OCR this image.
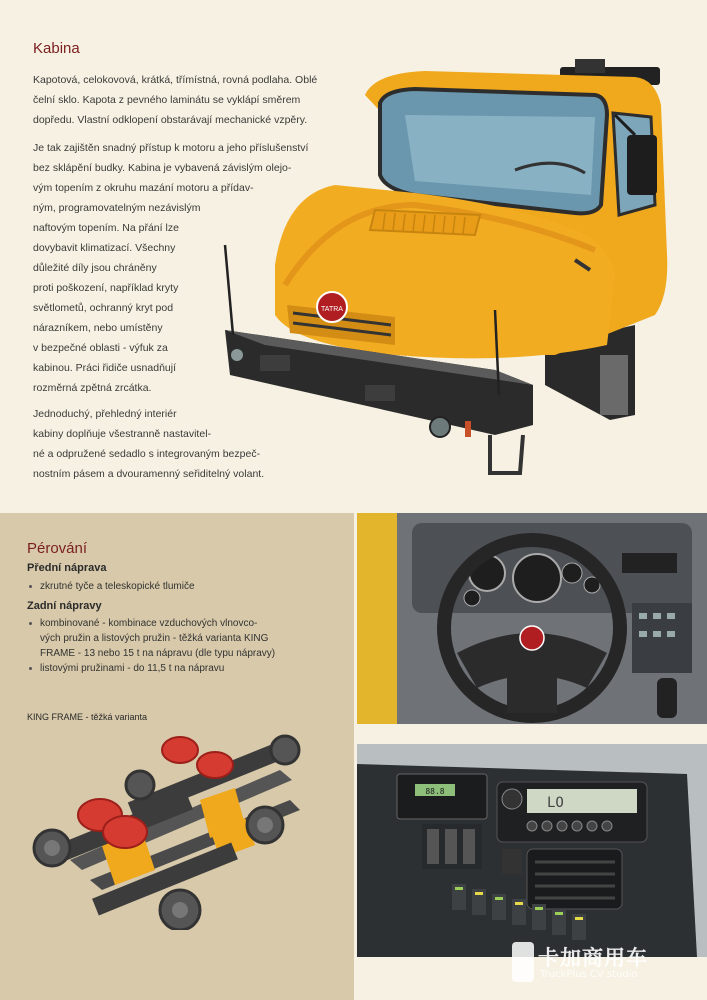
Kabina
Kapotová, celokovová, krátká, třímístná, rovná podlaha. Oblé
čelní sklo. Kapota z pevného laminátu se vyklápí směrem
dopředu. Vlastní odklopení obstarávají mechanické vzpěry.
Je tak zajištěn snadný přístup k motoru a jeho příslušenství
bez sklápění budky. Kabina je vybavená závislým olejo-
vým topením z okruhu mazání motoru a přídav-
ným, programovatelným nezávislým
naftovým topením. Na přání lze
dovybavit klimatizací. Všechny
důležité díly jsou chráněny
proti poškození, například kryty
světlometů, ochranný kryt pod
nárazníkem, nebo umístěny
v bezpečné oblasti - výfuk za
kabinou. Práci řidiče usnadňují
rozměrná zpětná zrcátka.
Jednoduchý, přehledný interiér
kabiny doplňuje všestranně nastavitel-
né a odpružené sedadlo s integrovaným bezpeč-
nostním pásem a dvouramenný seřiditelný volant.
TATRA
Pérování
Přední náprava
zkrutné tyče a teleskopické tlumiče
Zadní nápravy
kombinované - kombinace vzduchových vlnovco-
vých pružin a listových pružin - těžká varianta KING
FRAME - 13 nebo 15 t na nápravu (dle typu nápravy)
listovými pružinami - do 11,5 t na nápravu
KING FRAME - těžká varianta
88.8
LO
卡加商用车
TruckPlus CV studio
